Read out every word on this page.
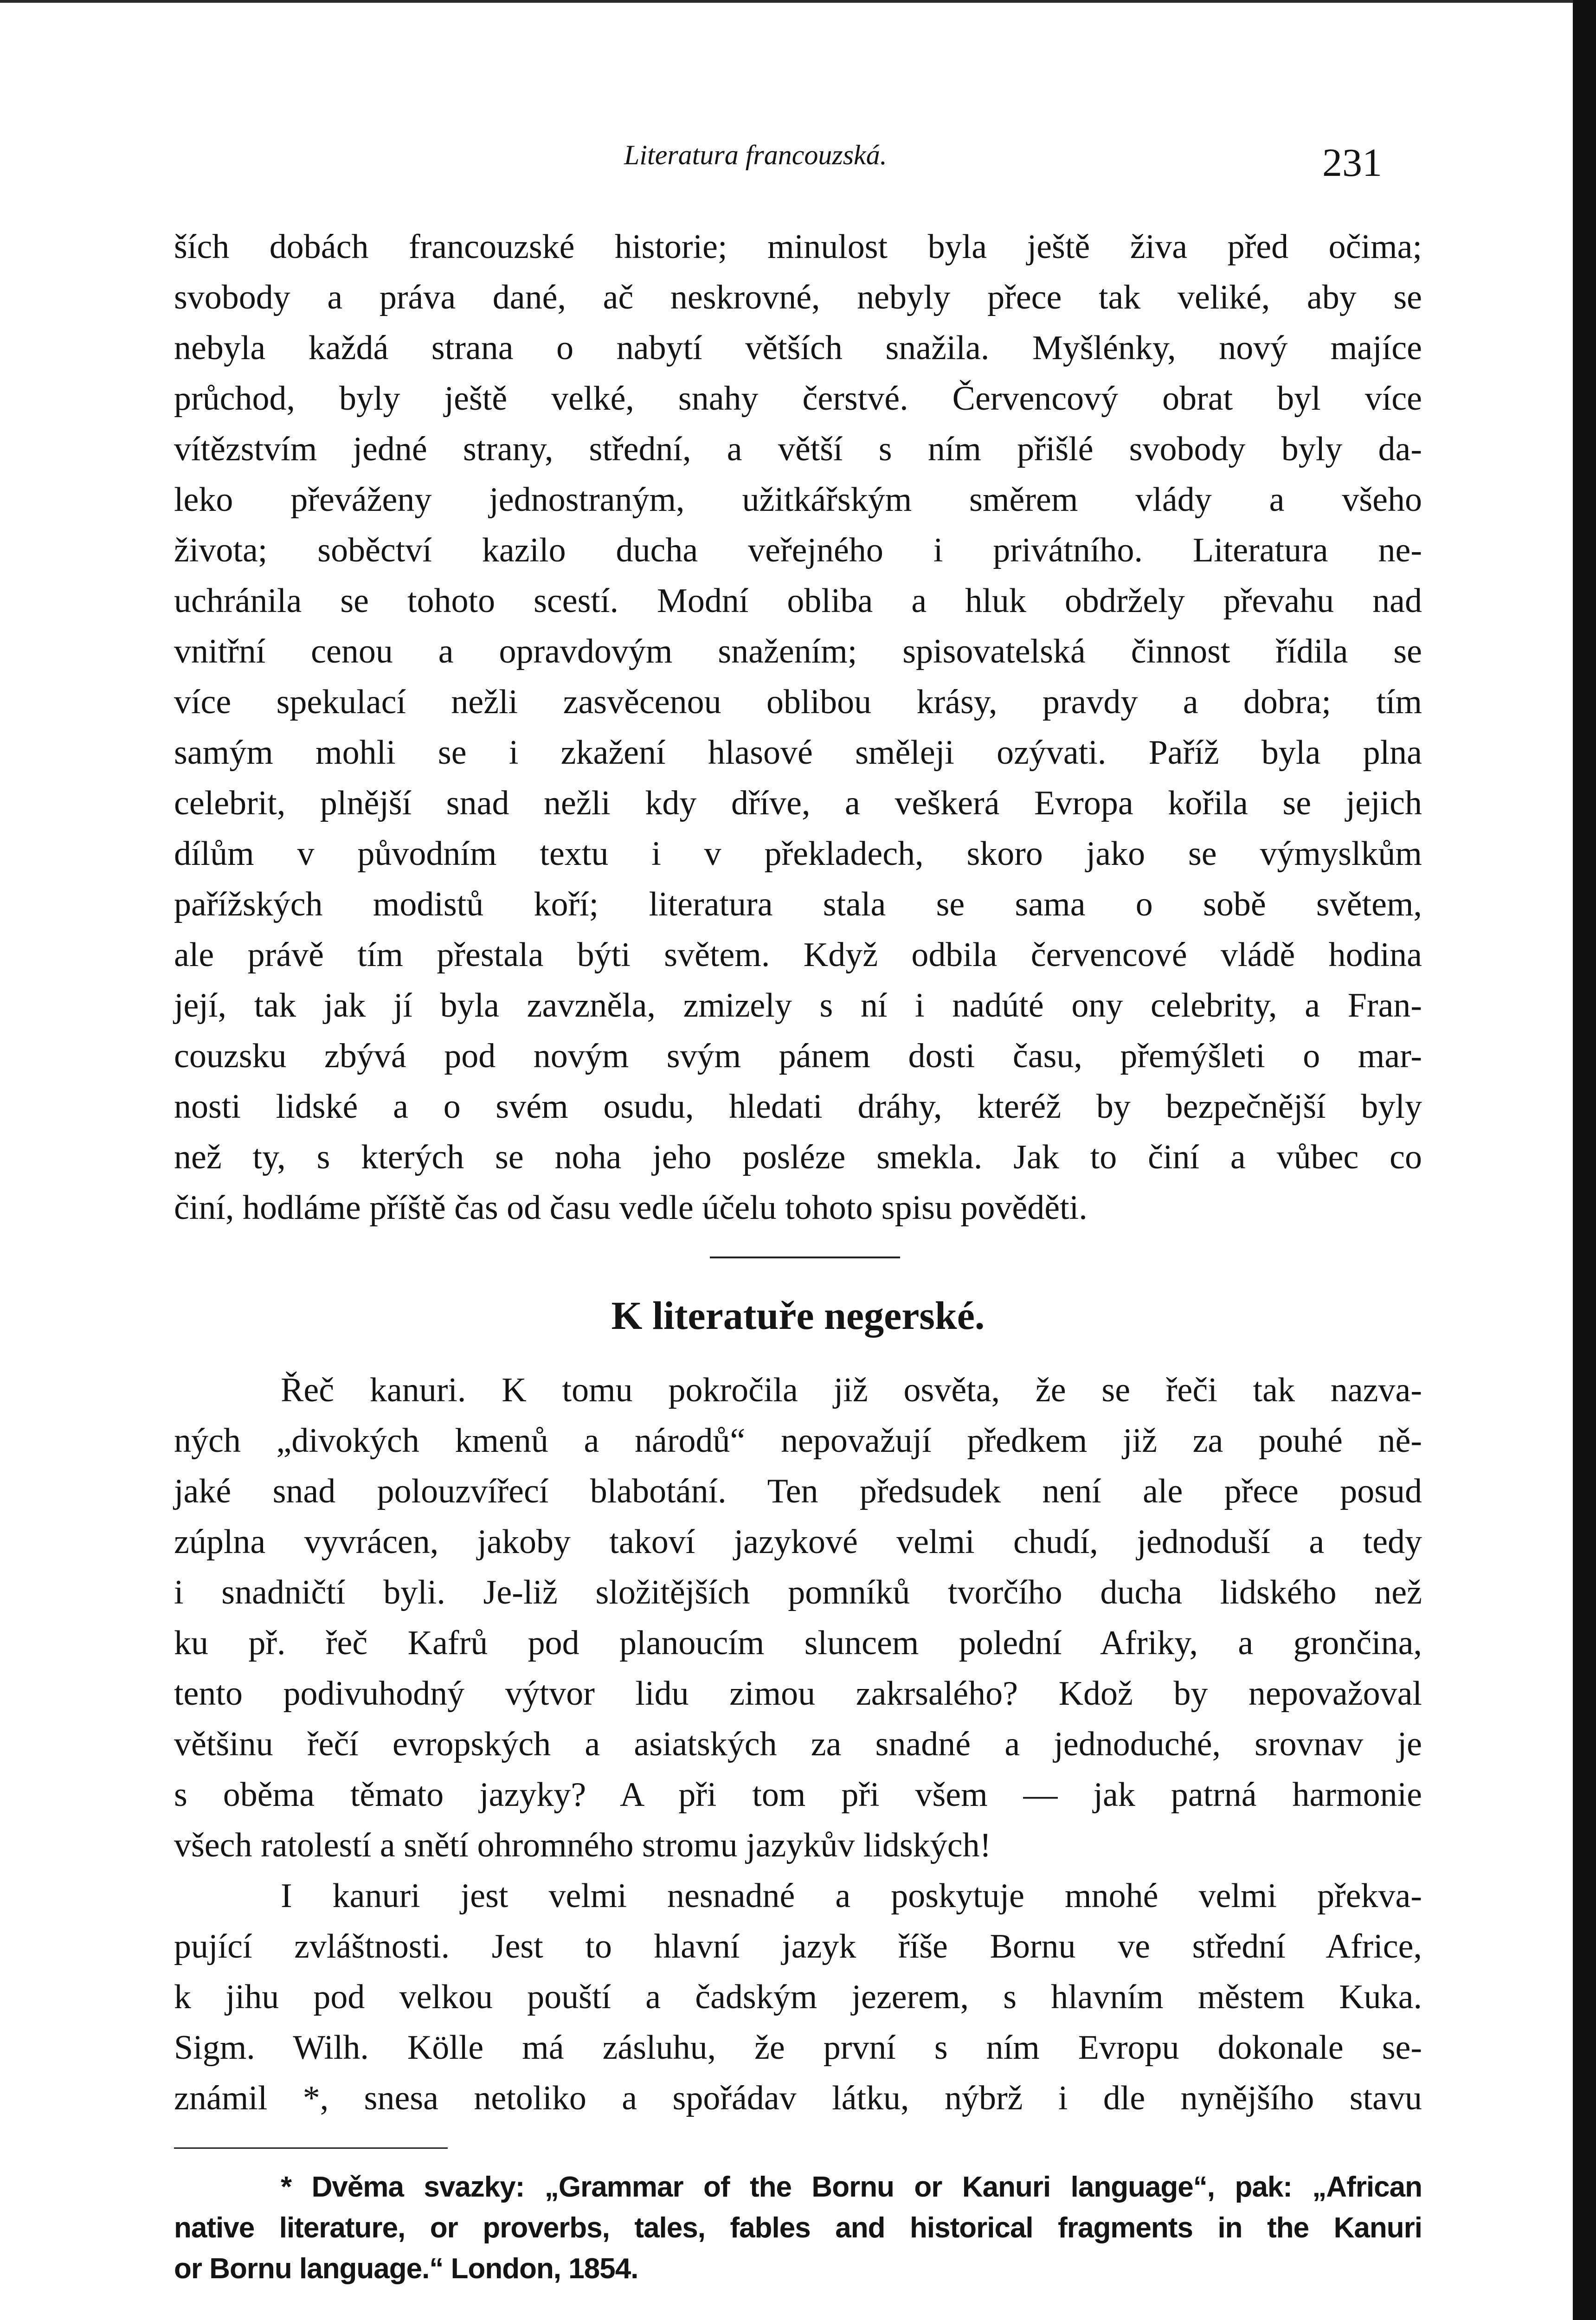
Literatura francouzská.	231
ších dobách francouzské historie; minulost byla ještě živa před očima;
svobody a práva dané, ač neskrovné, nebyly přece tak veliké, aby se
nebyla každá strana o nabytí větších snažila. Myšlénky, nový majíce
průchod, byly ještě velké, snahy čerstvé. Červencový obrat byl více
vítězstvím jedné strany, střední, a větší s ním přišlé svobody byly da-
leko převáženy jednostraným, užitkářským směrem vlády a všeho
života; soběctví kazilo ducha veřejného i privátního. Literatura ne-
uchránila se tohoto scestí. Modní obliba a hluk obdržely převahu nad
vnitřní cenou a opravdovým snažením; spisovatelská činnost řídila se
více spekulací nežli zasvěcenou oblibou krásy, pravdy a dobra; tím
samým mohli se i zkažení hlasové směleji ozývati. Paříž byla plna
celebrit, plnější snad nežli kdy dříve, a veškerá Evropa kořila se jejich
dílům v původním textu i v překladech, skoro jako se výmyslkům
pařížských modistů koří; literatura stala se sama o sobě světem,
ale právě tím přestala býti světem. Když odbila červencové vládě hodina
její, tak jak jí byla zavzněla, zmizely s ní i nadúté ony celebrity, a Fran-
couzsku zbývá pod novým svým pánem dosti času, přemýšleti o mar-
nosti lidské a o svém osudu, hledati dráhy, kteréž by bezpečnější byly
než ty, s kterých se noha jeho posléze smekla. Jak to činí a vůbec co
činí, hodláme příště čas od času vedle účelu tohoto spisu pověděti.
K literatuře negerské.
Řeč kanuri. K tomu pokročila již osvěta, že se řeči tak nazva-
ných „divokých kmenů a národů“ nepovažují předkem již za pouhé ně-
jaké snad polouzvířecí blabotání. Ten předsudek není ale přece posud
zúplna vyvrácen, jakoby takoví jazykové velmi chudí, jednoduší a tedy
i snadničtí byli. Je-liž složitějších pomníků tvorčího ducha lidského než
ku př. řeč Kafrů pod planoucím sluncem polední Afriky, a grončina,
tento podivuhodný výtvor lidu zimou zakrsalého? Kdož by nepovažoval
většinu řečí evropských a asiatských za snadné a jednoduché, srovnav je
s oběma těmato jazyky? A při tom při všem — jak patrná harmonie
všech ratolestí a snětí ohromného stromu jazykův lidských!
I kanuri jest velmi nesnadné a poskytuje mnohé velmi překva-
pující zvláštnosti. Jest to hlavní jazyk říše Bornu ve střední Africe,
k jihu pod velkou pouští a čadským jezerem, s hlavním městem Kuka.
Sigm. Wilh. Kölle má zásluhu, že první s ním Evropu dokonale se-
známil *, snesa netoliko a spořádav látku, nýbrž i dle nynějšího stavu
* Dvěma svazky: „Grammar of the Bornu or Kanuri language“, pak: „African
native literature, or proverbs, tales, fables and historical fragments in the Kanuri
or Bornu language.“ London, 1854.
